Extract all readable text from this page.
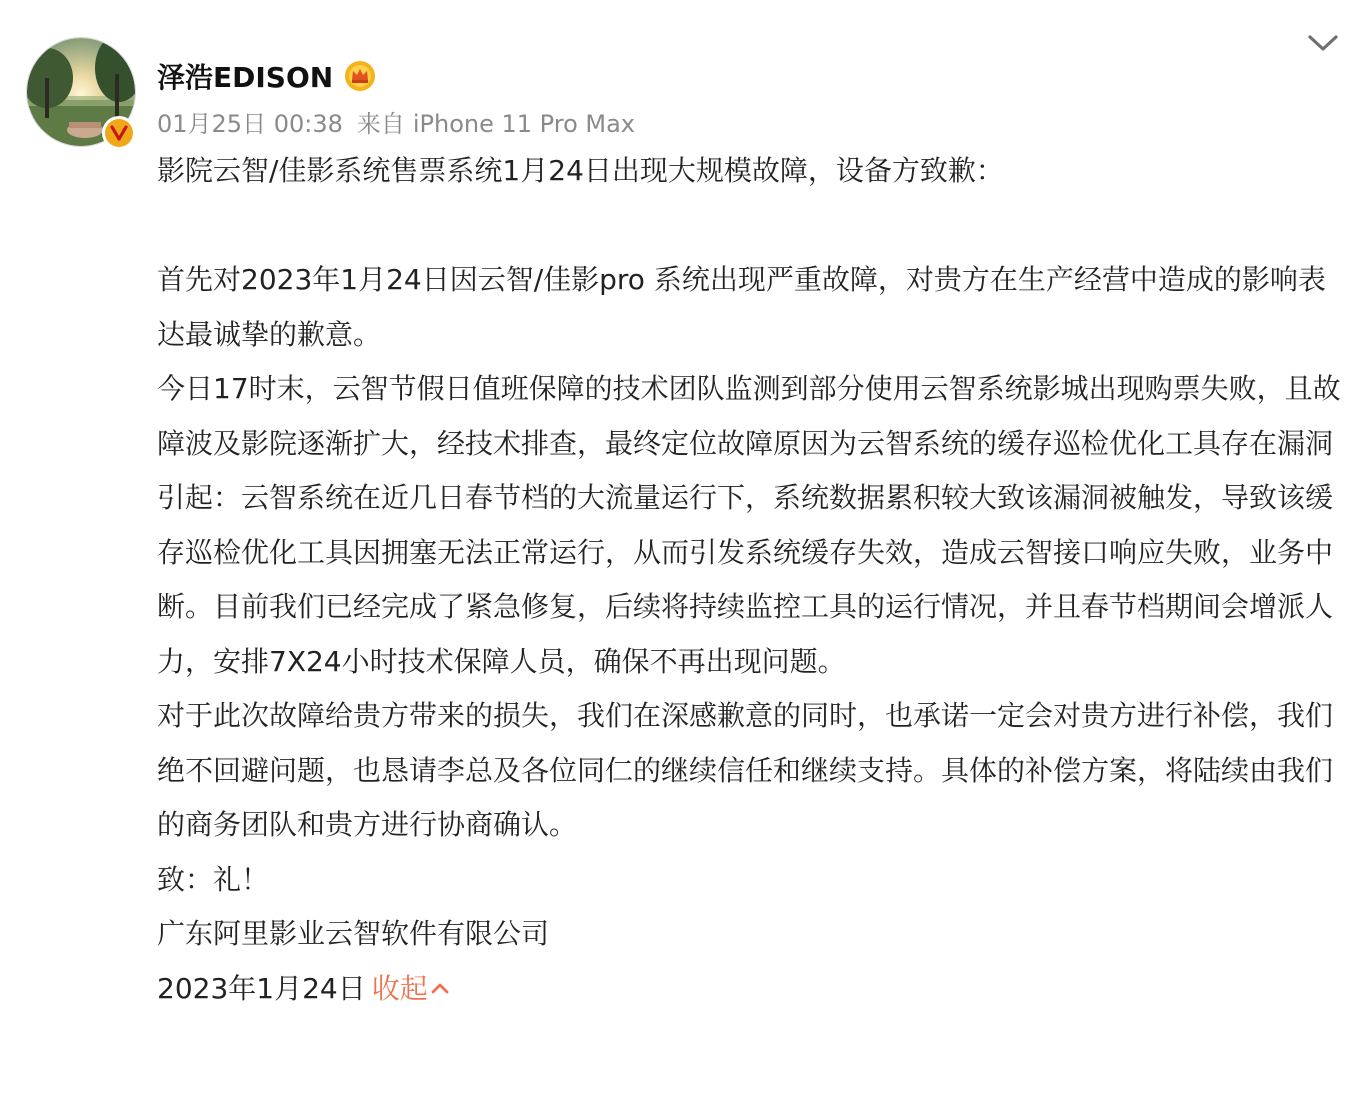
泽浩EDISON
01月25日 00:38 来自 iPhone 11 Pro Max

影院云智/佳影系统售票系统1月24日出现大规模故障，设备方致歉：

首先对2023年1月24日因云智/佳影pro 系统出现严重故障，对贵方在生产经营中造成的影响表达最诚挚的歉意。

今日17时末，云智节假日值班保障的技术团队监测到部分使用云智系统影城出现购票失败，且故障波及影院逐渐扩大，经技术排查，最终定位故障原因为云智系统的缓存巡检优化工具存在漏洞引起：云智系统在近几日春节档的大流量运行下，系统数据累积较大致该漏洞被触发，导致该缓存巡检优化工具因拥塞无法正常运行，从而引发系统缓存失效，造成云智接口响应失败，业务中断。目前我们已经完成了紧急修复，后续将持续监控工具的运行情况，并且春节档期间会增派人力，安排7X24小时技术保障人员，确保不再出现问题。

对于此次故障给贵方带来的损失，我们在深感歉意的同时，也承诺一定会对贵方进行补偿，我们绝不回避问题，也恳请李总及各位同仁的继续信任和继续支持。具体的补偿方案，将陆续由我们的商务团队和贵方进行协商确认。

致：礼！

广东阿里影业云智软件有限公司

2023年1月24日 收起
